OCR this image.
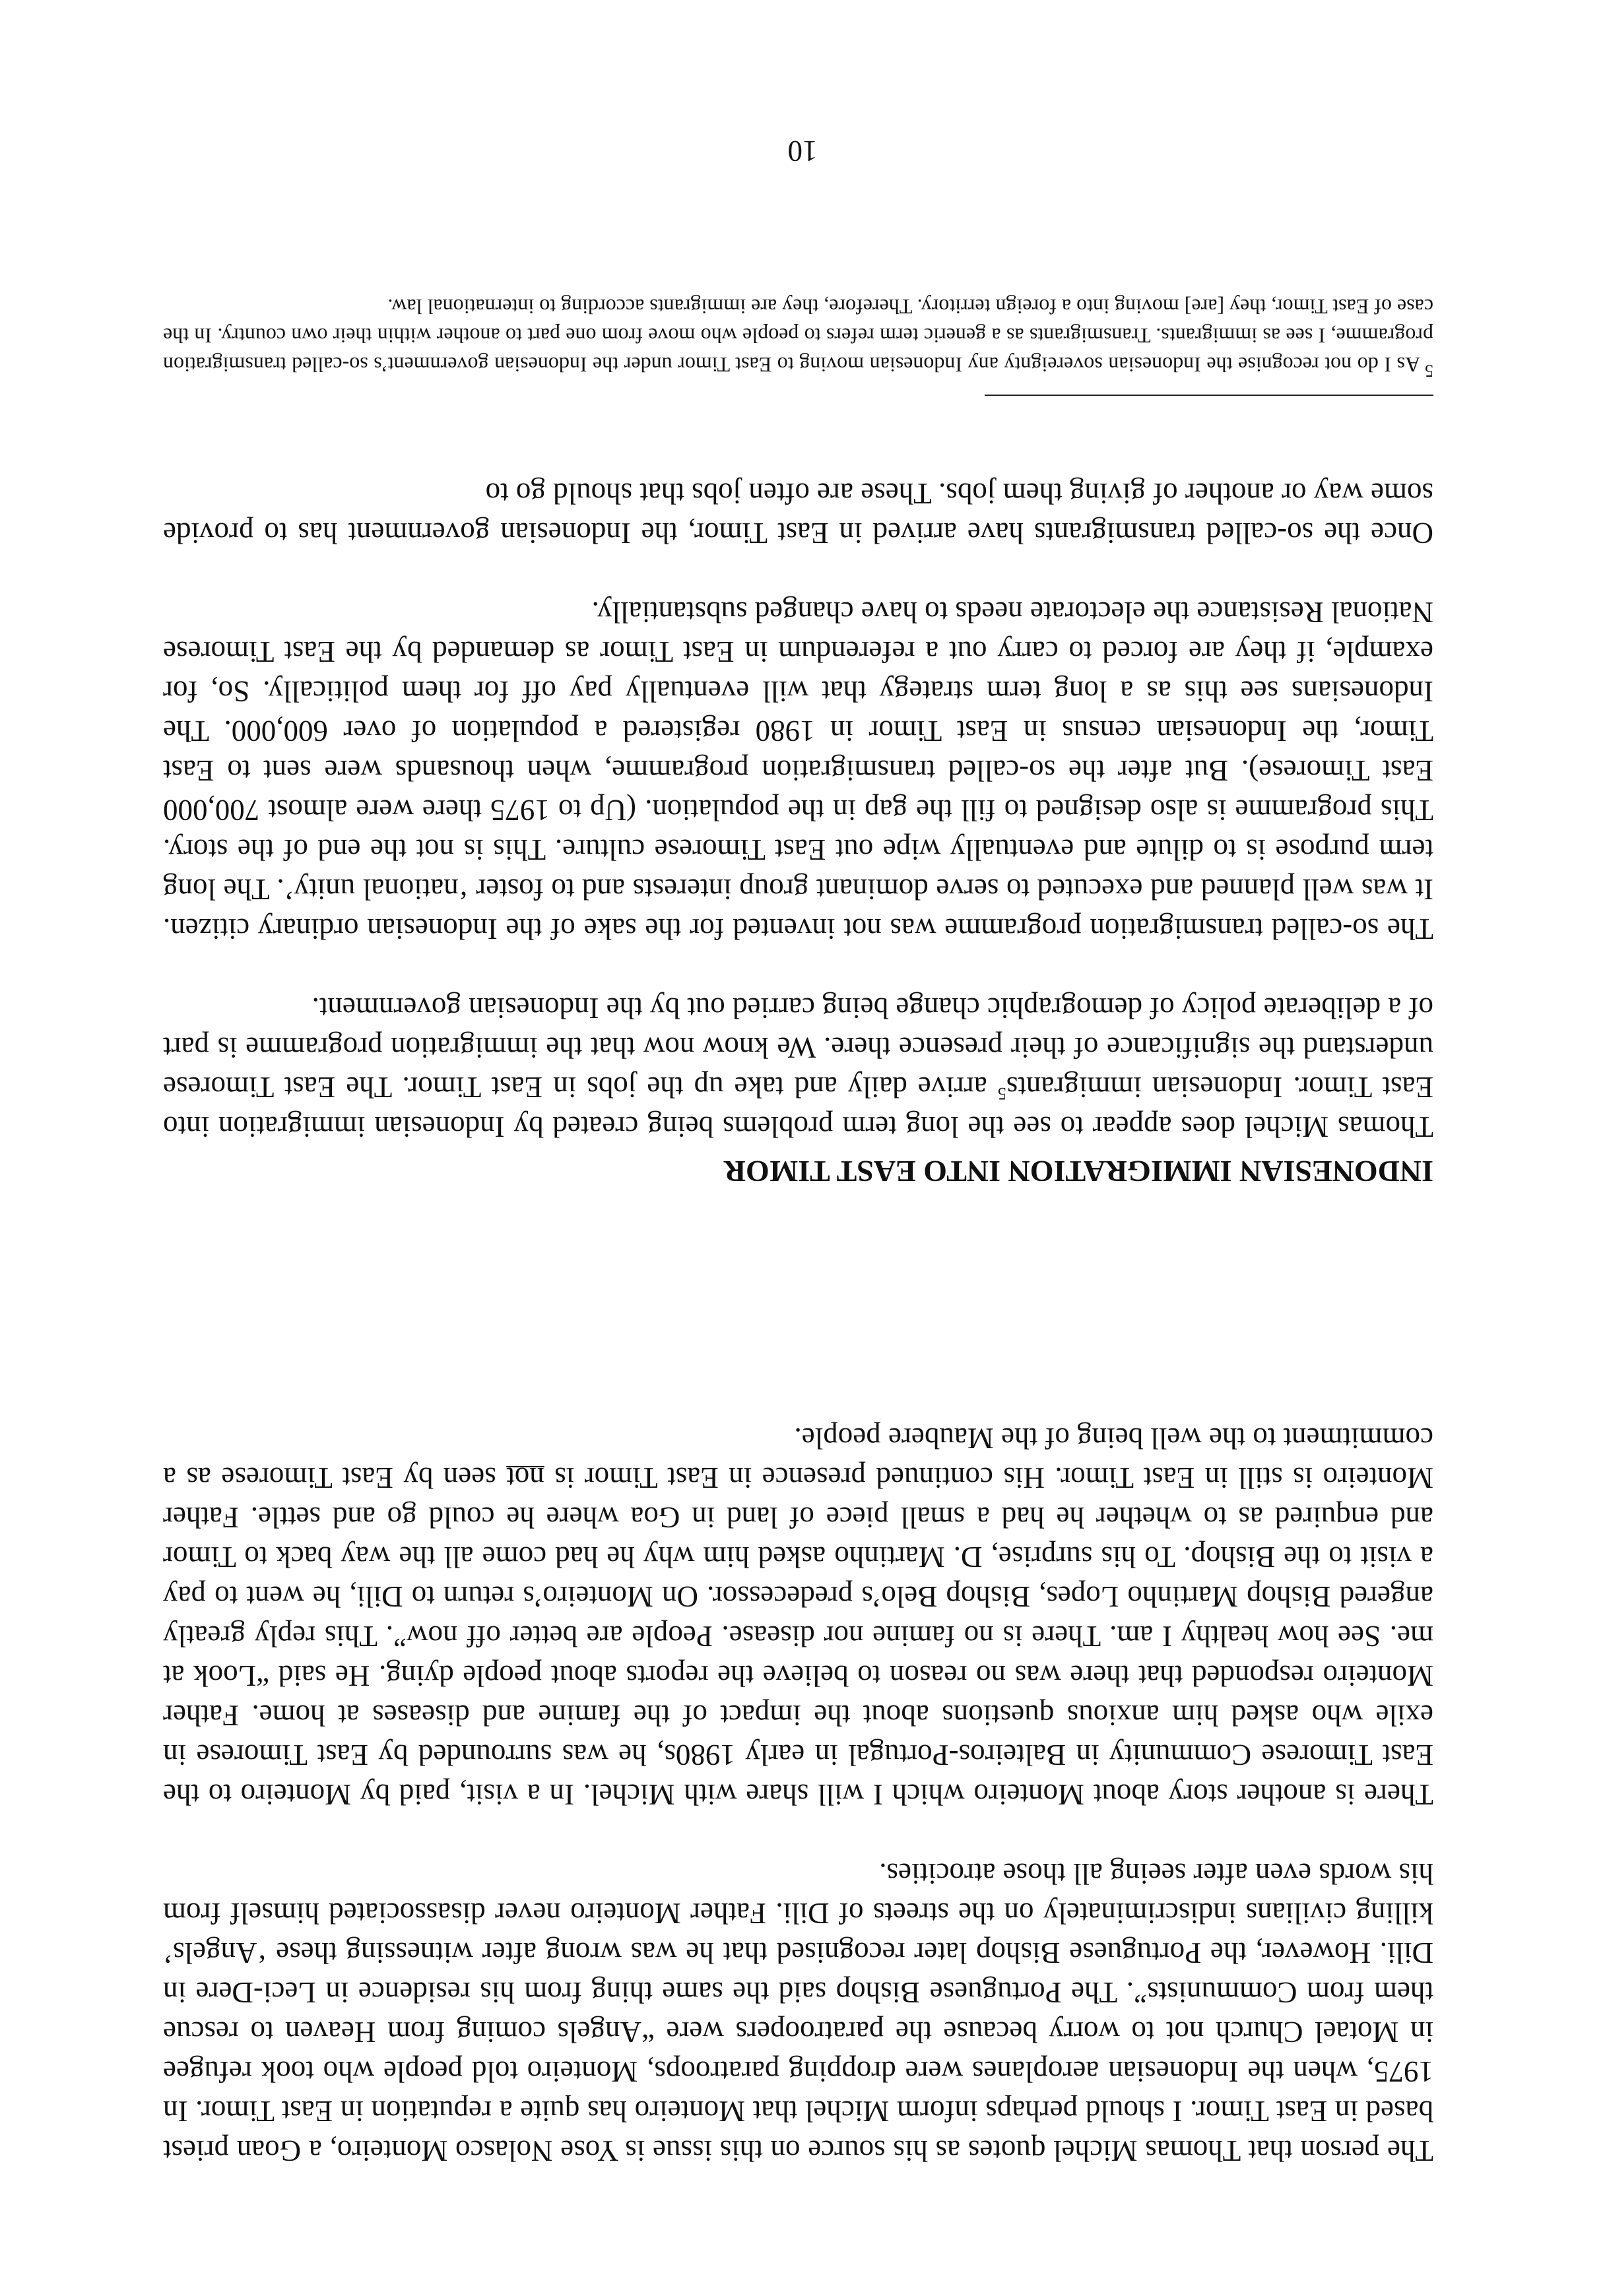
The person that Thomas Michel quotes as his source on this issue is Yose Nolasco Monteiro, a Goan priest based in East Timor. I should perhaps inform Michel that Monteiro has quite a reputation in East Timor. In 1975, when the Indonesian aeroplanes were dropping paratroops, Monteiro told people who took refugee in Motael Church not to worry because the paratroopers were “Angels coming from Heaven to rescue them from Communists”. The Portuguese Bishop said the same thing from his residence in Leci-Dere in Dili. However, the Portuguese Bishop later recognised that he was wrong after witnessing these ‘Angels’ killing civilians indiscriminately on the streets of Dili. Father Monteiro never disassociated himself from his words even after seeing all those atrocities.

There is another story about Monteiro which I will share with Michel. In a visit, paid by Monteiro to the East Timorese Community in Balteiros-Portugal in early 1980s, he was surrounded by East Timorese in exile who asked him anxious questions about the impact of the famine and diseases at home. Father Monteiro responded that there was no reason to believe the reports about people dying. He said “Look at me. See how healthy I am. There is no famine nor disease. People are better off now”. This reply greatly angered Bishop Martinho Lopes, Bishop Belo’s predecessor. On Monteiro’s return to Dili, he went to pay a visit to the Bishop. To his surprise, D. Martinho asked him why he had come all the way back to Timor and enquired as to whether he had a small piece of land in Goa where he could go and settle. Father Monteiro is still in East Timor. His continued presence in East Timor is not seen by East Timorese as a commitment to the well being of the Maubere people.

INDONESIAN IMMIGRATION INTO EAST TIMOR

Thomas Michel does appear to see the long term problems being created by Indonesian immigration into East Timor. Indonesian immigrants$^5$ arrive daily and take up the jobs in East Timor. The East Timorese understand the significance of their presence there. We know now that the immigration programme is part of a deliberate policy of demographic change being carried out by the Indonesian government.

The so-called transmigration programme was not invented for the sake of the Indonesian ordinary citizen. It was well planned and executed to serve dominant group interests and to foster ‘national unity’. The long term purpose is to dilute and eventually wipe out East Timorese culture. This is not the end of the story. This programme is also designed to fill the gap in the population. (Up to 1975 there were almost 700,000 East Timorese). But after the so-called transmigration programme, when thousands were sent to East Timor, the Indonesian census in East Timor in 1980 registered a population of over 600,000. The Indonesians see this as a long term strategy that will eventually pay off for them politically. So, for example, if they are forced to carry out a referendum in East Timor as demanded by the East Timorese National Resistance the electorate needs to have changed substantially.

Once the so-called transmigrants have arrived in East Timor, the Indonesian government has to provide some way or another of giving them jobs. These are often jobs that should go to

$^5$ As I do not recognise the Indonesian sovereignty any Indonesian moving to East Timor under the Indonesian government’s so-called transmigration programme, I see as immigrants. Transmigrants as a generic term refers to people who move from one part to another within their own country. In the case of East Timor, they [are] moving into a foreign territory. Therefore, they are immigrants according to international law.

10
